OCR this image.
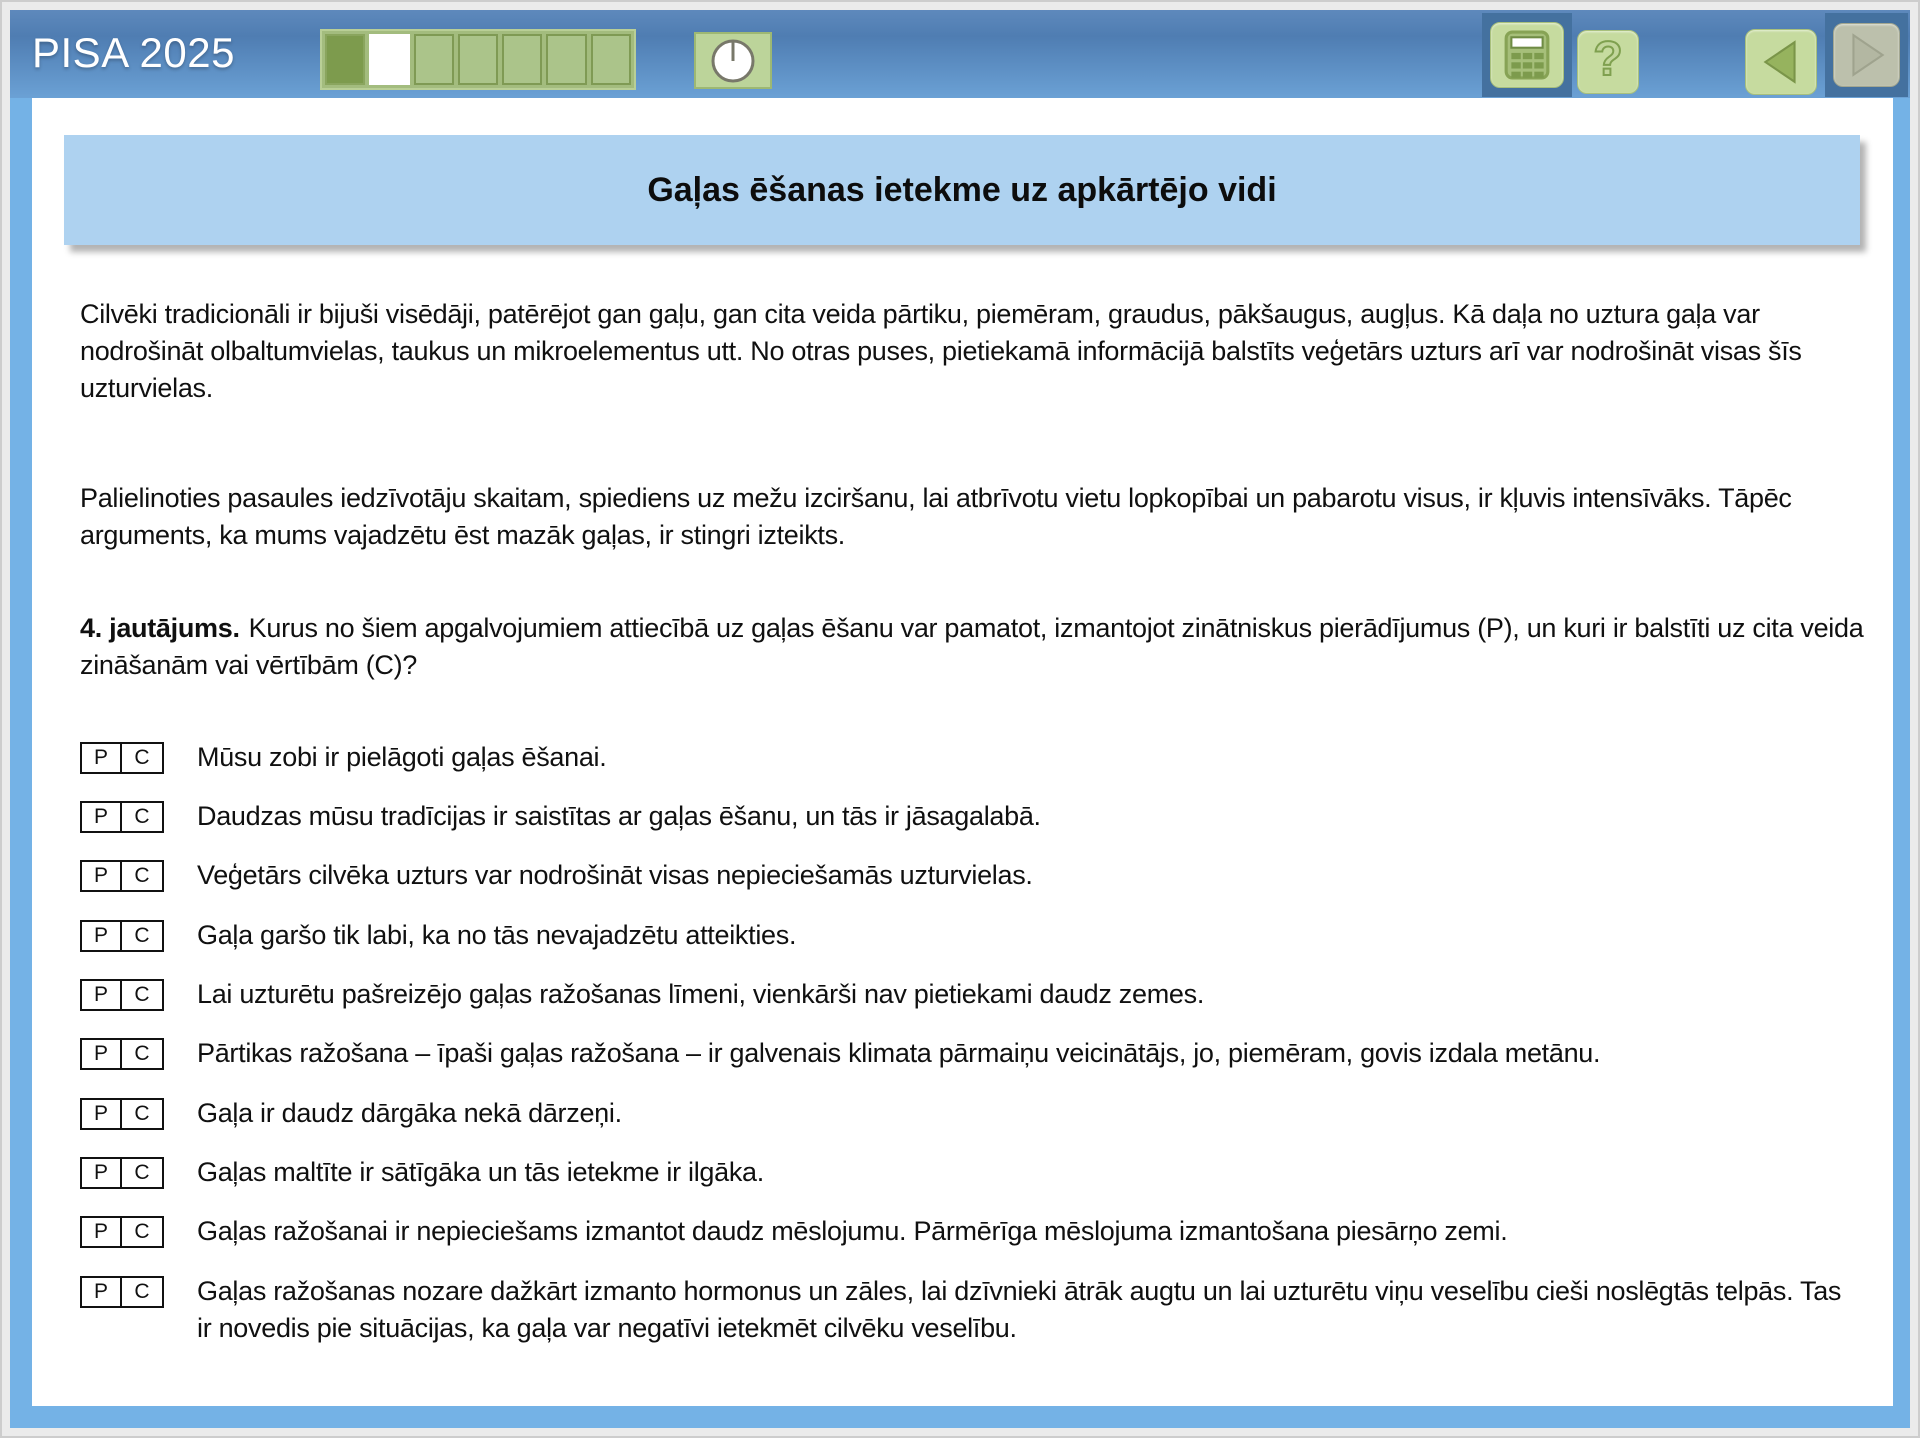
PISA 2025	?
Gaļas ēšanas ietekme uz apkārtējo vidi

Cilvēki tradicionāli ir bijuši visēdāji, patērējot gan gaļu, gan cita veida pārtiku, piemēram, graudus, pākšaugus, augļus. Kā daļa no uztura gaļa var nodrošināt olbaltumvielas, taukus un mikroelementus utt. No otras puses, pietiekamā informācijā balstīts veģetārs uzturs arī var nodrošināt visas šīs uzturvielas.

Palielinoties pasaules iedzīvotāju skaitam, spiediens uz mežu izciršanu, lai atbrīvotu vietu lopkopībai un pabarotu visus, ir kļuvis intensīvāks. Tāpēc arguments, ka mums vajadzētu ēst mazāk gaļas, ir stingri izteikts.

4. jautājums. Kurus no šiem apgalvojumiem attiecībā uz gaļas ēšanu var pamatot, izmantojot zinātniskus pierādījumus (P), un kuri ir balstīti uz cita veida zināšanām vai vērtībām (C)?

P	C	Mūsu zobi ir pielāgoti gaļas ēšanai.
P	C	Daudzas mūsu tradīcijas ir saistītas ar gaļas ēšanu, un tās ir jāsagalabā.
P	C	Veģetārs cilvēka uzturs var nodrošināt visas nepieciešamās uzturvielas.
P	C	Gaļa garšo tik labi, ka no tās nevajadzētu atteikties.
P	C	Lai uzturētu pašreizējo gaļas ražošanas līmeni, vienkārši nav pietiekami daudz zemes.
P	C	Pārtikas ražošana – īpaši gaļas ražošana – ir galvenais klimata pārmaiņu veicinātājs, jo, piemēram, govis izdala metānu.
P	C	Gaļa ir daudz dārgāka nekā dārzeņi.
P	C	Gaļas maltīte ir sātīgāka un tās ietekme ir ilgāka.
P	C	Gaļas ražošanai ir nepieciešams izmantot daudz mēslojumu. Pārmērīga mēslojuma izmantošana piesārņo zemi.
P	C	Gaļas ražošanas nozare dažkārt izmanto hormonus un zāles, lai dzīvnieki ātrāk augtu un lai uzturētu viņu veselību cieši noslēgtās telpās. Tas ir novedis pie situācijas, ka gaļa var negatīvi ietekmēt cilvēku veselību.
